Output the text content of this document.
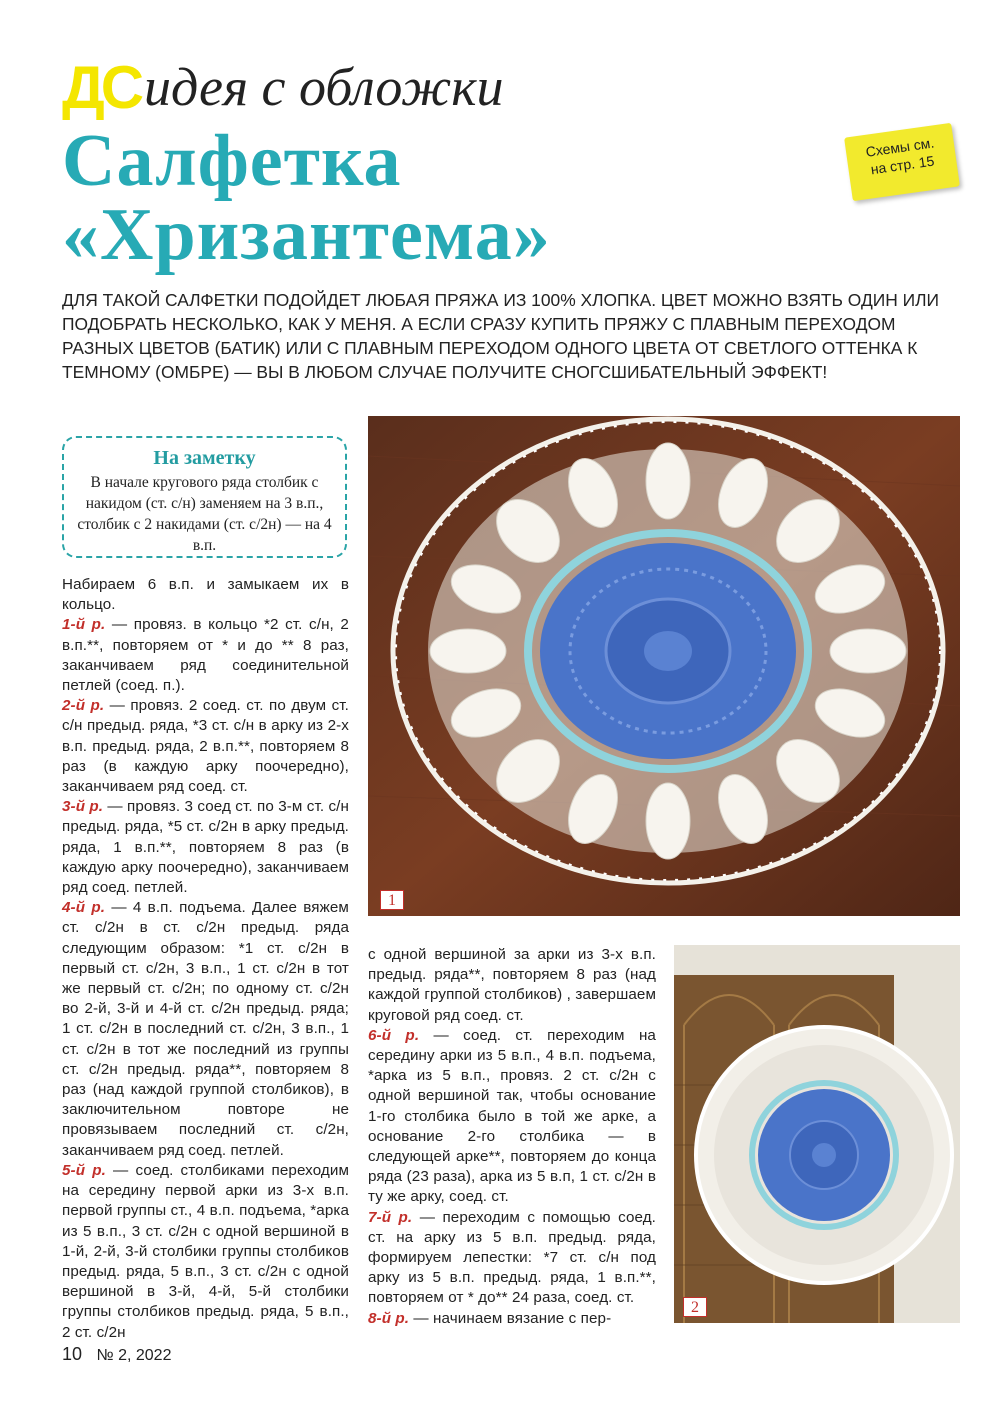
ДС идея с обложки
Салфетка
«Хризантема»
Схемы см.
на стр. 15

ДЛЯ ТАКОЙ САЛФЕТКИ ПОДОЙДЕТ ЛЮБАЯ ПРЯЖА ИЗ 100% ХЛОПКА. ЦВЕТ МОЖНО ВЗЯТЬ ОДИН ИЛИ ПОДОБРАТЬ НЕСКОЛЬКО, КАК У МЕНЯ. А ЕСЛИ СРАЗУ КУПИТЬ ПРЯЖУ С ПЛАВНЫМ ПЕРЕХОДОМ РАЗНЫХ ЦВЕТОВ (БАТИК) ИЛИ С ПЛАВНЫМ ПЕРЕХОДОМ ОДНОГО ЦВЕТА ОТ СВЕТЛОГО ОТТЕНКА К ТЕМНОМУ (ОМБРЕ) — ВЫ В ЛЮБОМ СЛУЧАЕ ПОЛУЧИТЕ СНОГСШИБАТЕЛЬНЫЙ ЭФФЕКТ!

На заметку
В начале кругового ряда столбик с накидом (ст. с/н) заменяем на 3 в.п., столбик с 2 накидами (ст. с/2н) — на 4 в.п.

Набираем 6 в.п. и замыкаем их в кольцо.

1-й р. — провяз. в кольцо *2 ст. с/н, 2 в.п.**, повторяем от * и до ** 8 раз, заканчиваем ряд соединительной петлей (соед. п.).

2-й р. — провяз. 2 соед. ст. по двум ст. с/н предыд. ряда, *3 ст. с/н в арку из 2-х в.п. предыд. ряда, 2 в.п.**, повторяем 8 раз (в каждую арку поочередно), заканчиваем ряд соед. ст.

3-й р. — провяз. 3 соед ст. по 3-м ст. с/н предыд. ряда, *5 ст. с/2н в арку предыд. ряда, 1 в.п.**, повторяем 8 раз (в каждую арку поочередно), заканчиваем ряд соед. петлей.

4-й р. — 4 в.п. подъема. Далее вяжем ст. с/2н в ст. с/2н предыд. ряда следующим образом: *1 ст. с/2н в первый ст. с/2н, 3 в.п., 1 ст. с/2н в тот же первый ст. с/2н; по одному ст. с/2н во 2-й, 3-й и 4-й ст. с/2н предыд. ряда; 1 ст. с/2н в последний ст. с/2н, 3 в.п., 1 ст. с/2н в тот же последний из группы ст. с/2н предыд. ряда**, повторяем 8 раз (над каждой группой столбиков), в заключительном повторе не провязываем последний ст. с/2н, заканчиваем ряд соед. петлей.

5-й р. — соед. столбиками переходим на середину первой арки из 3-х в.п. первой группы ст., 4 в.п. подъема, *арка из 5 в.п., 3 ст. с/2н с одной вершиной в 1-й, 2-й, 3-й столбики группы столбиков предыд. ряда, 5 в.п., 3 ст. с/2н с одной вершиной в 3-й, 4-й, 5-й столбики группы столбиков предыд. ряда, 5 в.п., 2 ст. с/2н

с одной вершиной за арки из 3-х в.п. предыд. ряда**, повторяем 8 раз (над каждой группой столбиков) , завершаем круговой ряд соед. ст.

6-й р. — соед. ст. переходим на середину арки из 5 в.п., 4 в.п. подъема, *арка из 5 в.п., провяз. 2 ст. с/2н с одной вершиной так, чтобы основание 1-го столбика было в той же арке, а основание 2-го столбика — в следующей арке**, повторяем до конца ряда (23 раза), арка из 5 в.п, 1 ст. с/2н в ту же арку, соед. ст.

7-й р. — переходим с помощью соед. ст. на арку из 5 в.п. предыд. ряда, формируем лепестки: *7 ст. с/н под арку из 5 в.п. предыд. ряда, 1 в.п.**, повторяем от * до** 24 раза, соед. ст.

8-й р. — начинаем вязание с пер-

1
2
10 № 2, 2022
